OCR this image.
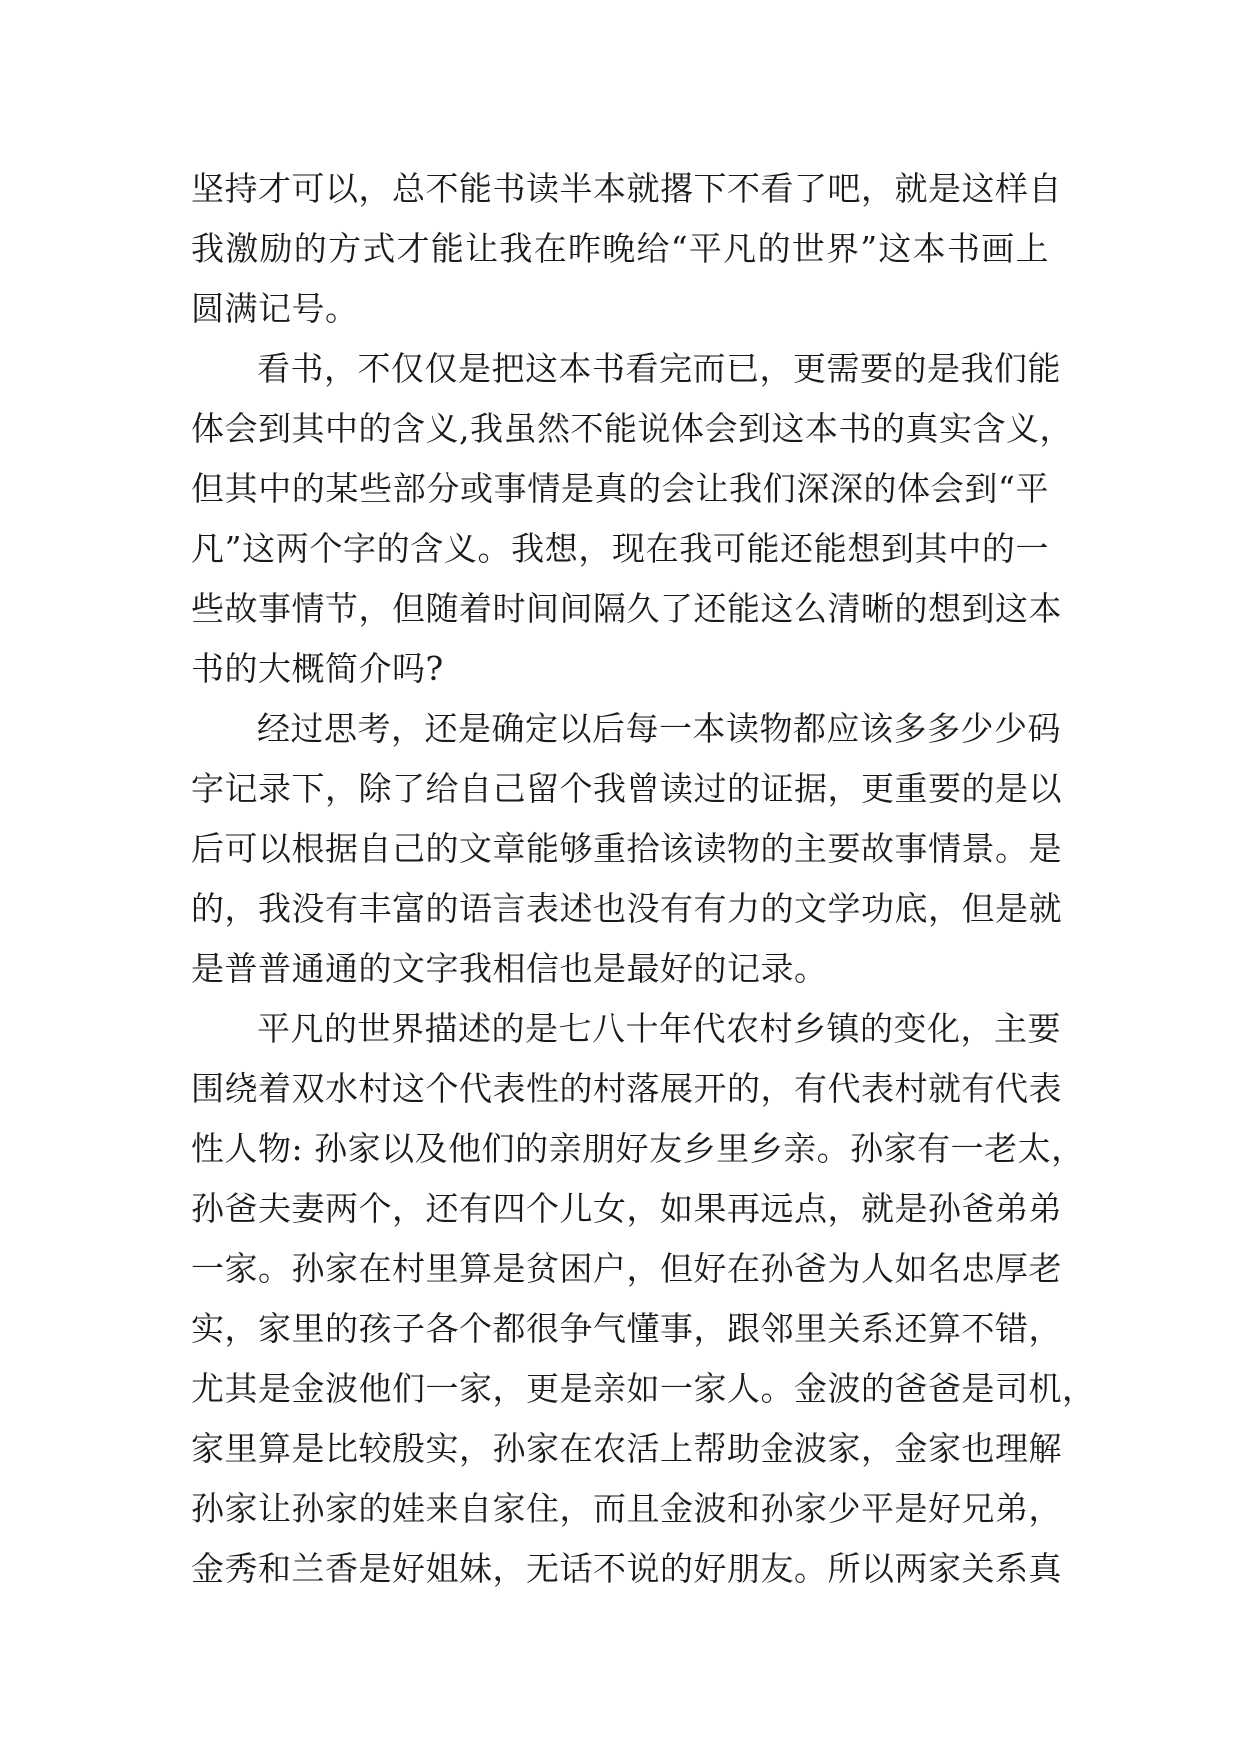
坚持才可以，总不能书读半本就撂下不看了吧，就是这样自
我激励的方式才能让我在昨晚给“平凡的世界”这本书画上
圆满记号。
看书，不仅仅是把这本书看完而已，更需要的是我们能
体会到其中的含义,我虽然不能说体会到这本书的真实含义，
但其中的某些部分或事情是真的会让我们深深的体会到“平
凡”这两个字的含义。我想，现在我可能还能想到其中的一
些故事情节，但随着时间间隔久了还能这么清晰的想到这本
书的大概简介吗?
经过思考，还是确定以后每一本读物都应该多多少少码
字记录下，除了给自己留个我曾读过的证据，更重要的是以
后可以根据自己的文章能够重拾该读物的主要故事情景。是
的，我没有丰富的语言表述也没有有力的文学功底，但是就
是普普通通的文字我相信也是最好的记录。
平凡的世界描述的是七八十年代农村乡镇的变化，主要
围绕着双水村这个代表性的村落展开的，有代表村就有代表
性人物: 孙家以及他们的亲朋好友乡里乡亲。孙家有一老太，
孙爸夫妻两个，还有四个儿女，如果再远点，就是孙爸弟弟
一家。孙家在村里算是贫困户，但好在孙爸为人如名忠厚老
实，家里的孩子各个都很争气懂事，跟邻里关系还算不错，
尤其是金波他们一家，更是亲如一家人。金波的爸爸是司机，
家里算是比较殷实，孙家在农活上帮助金波家，金家也理解
孙家让孙家的娃来自家住，而且金波和孙家少平是好兄弟，
金秀和兰香是好姐妹，无话不说的好朋友。所以两家关系真
